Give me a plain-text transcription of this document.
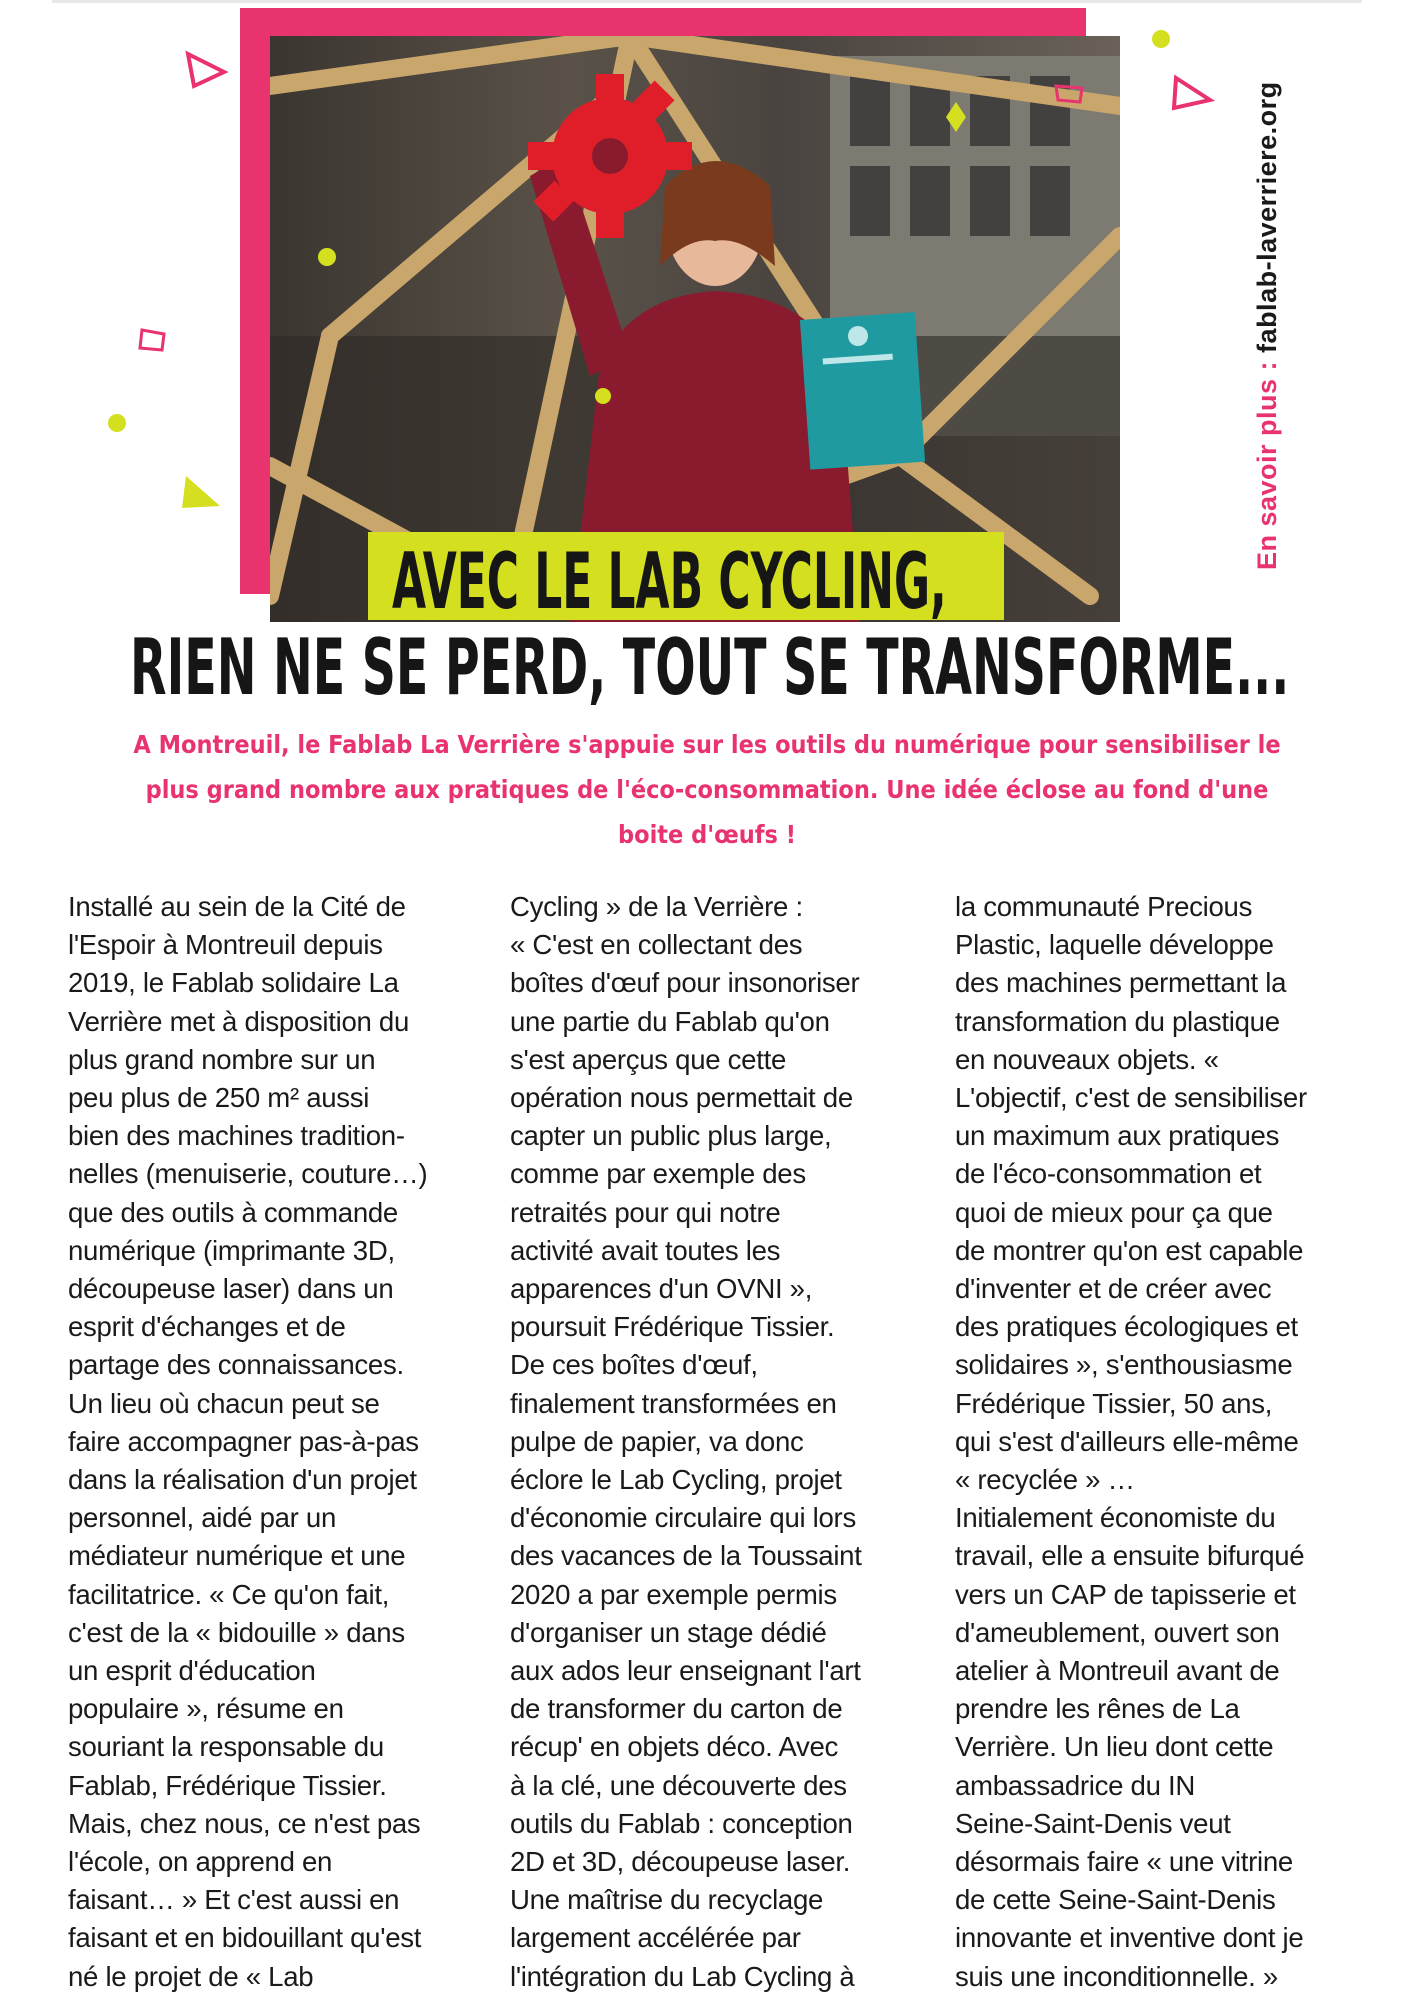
En savoir plus : fablab-laverriere.org
AVEC LE LAB CYCLING,
RIEN NE SE PERD, TOUT SE TRANSFORME...
A Montreuil, le Fablab La Verrière s'appuie sur les outils du numérique pour sensibiliser le
plus grand nombre aux pratiques de l'éco-consommation. Une idée éclose au fond d'une
boite d'œufs !

Installé au sein de la Cité de

l'Espoir à Montreuil depuis

2019, le Fablab solidaire La

Verrière met à disposition du

plus grand nombre sur un

peu plus de 250 m² aussi

bien des machines tradition-

nelles (menuiserie, couture…)

que des outils à commande

numérique (imprimante 3D,

découpeuse laser) dans un

esprit d'échanges et de

partage des connaissances.

Un lieu où chacun peut se

faire accompagner pas-à-pas

dans la réalisation d'un projet

personnel, aidé par un

médiateur numérique et une

facilitatrice. « Ce qu'on fait,

c'est de la « bidouille » dans

un esprit d'éducation

populaire », résume en

souriant la responsable du

Fablab, Frédérique Tissier.

Mais, chez nous, ce n'est pas

l'école, on apprend en

faisant… » Et c'est aussi en

faisant et en bidouillant qu'est

né le projet de « Lab

Cycling » de la Verrière :

« C'est en collectant des

boîtes d'œuf pour insonoriser

une partie du Fablab qu'on

s'est aperçus que cette

opération nous permettait de

capter un public plus large,

comme par exemple des

retraités pour qui notre

activité avait toutes les

apparences d'un OVNI »,

poursuit Frédérique Tissier.

De ces boîtes d'œuf,

finalement transformées en

pulpe de papier, va donc

éclore le Lab Cycling, projet

d'économie circulaire qui lors

des vacances de la Toussaint

2020 a par exemple permis

d'organiser un stage dédié

aux ados leur enseignant l'art

de transformer du carton de

récup' en objets déco. Avec

à la clé, une découverte des

outils du Fablab : conception

2D et 3D, découpeuse laser.

Une maîtrise du recyclage

largement accélérée par

l'intégration du Lab Cycling à

la communauté Precious

Plastic, laquelle développe

des machines permettant la

transformation du plastique

en nouveaux objets. «

L'objectif, c'est de sensibiliser

un maximum aux pratiques

de l'éco-consommation et

quoi de mieux pour ça que

de montrer qu'on est capable

d'inventer et de créer avec

des pratiques écologiques et

solidaires », s'enthousiasme

Frédérique Tissier, 50 ans,

qui s'est d'ailleurs elle-même

« recyclée » …

Initialement économiste du

travail, elle a ensuite bifurqué

vers un CAP de tapisserie et

d'ameublement, ouvert son

atelier à Montreuil avant de

prendre les rênes de La

Verrière. Un lieu dont cette

ambassadrice du IN

Seine-Saint-Denis veut

désormais faire « une vitrine

de cette Seine-Saint-Denis

innovante et inventive dont je

suis une inconditionnelle. »
